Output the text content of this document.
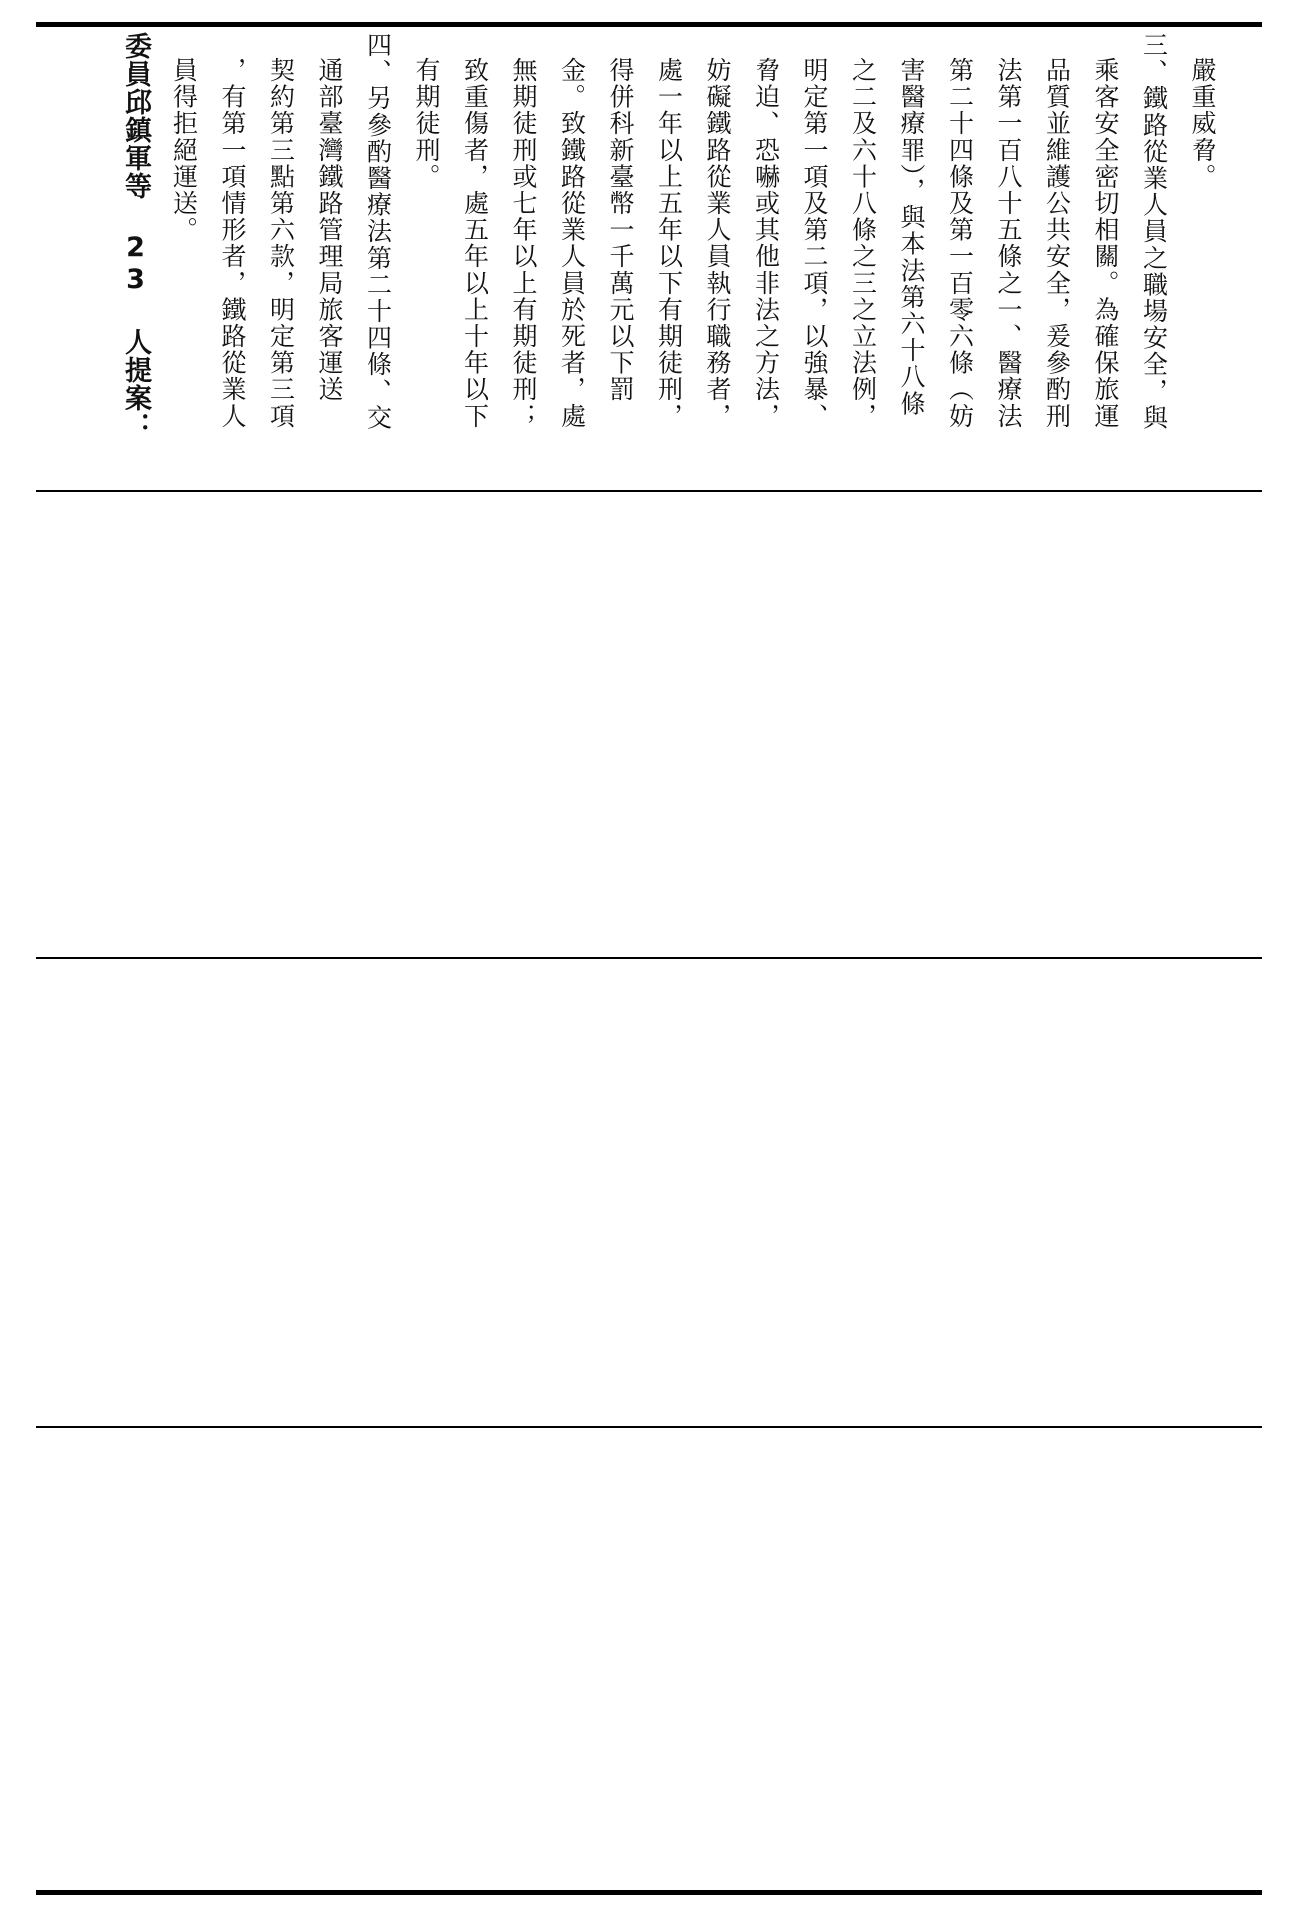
嚴重威脅。

三、鐵路從業人員之職場安全，與

乘客安全密切相關。為確保旅運

品質並維護公共安全，爰參酌刑

法第一百八十五條之一、醫療法

第二十四條及第一百零六條（妨

害醫療罪），與本法第六十八條

之二及六十八條之三之立法例，

明定第一項及第二項，以強暴、

脅迫、恐嚇或其他非法之方法，

妨礙鐵路從業人員執行職務者，

處一年以上五年以下有期徒刑，

得併科新臺幣一千萬元以下罰

金。致鐵路從業人員於死者，處

無期徒刑或七年以上有期徒刑；

致重傷者，處五年以上十年以下

有期徒刑。

四、另參酌醫療法第二十四條、交

通部臺灣鐵路管理局旅客運送

契約第三點第六款，明定第三項

，有第一項情形者，鐵路從業人

員得拒絕運送。

委員邱鎮軍等 23 人提案：
